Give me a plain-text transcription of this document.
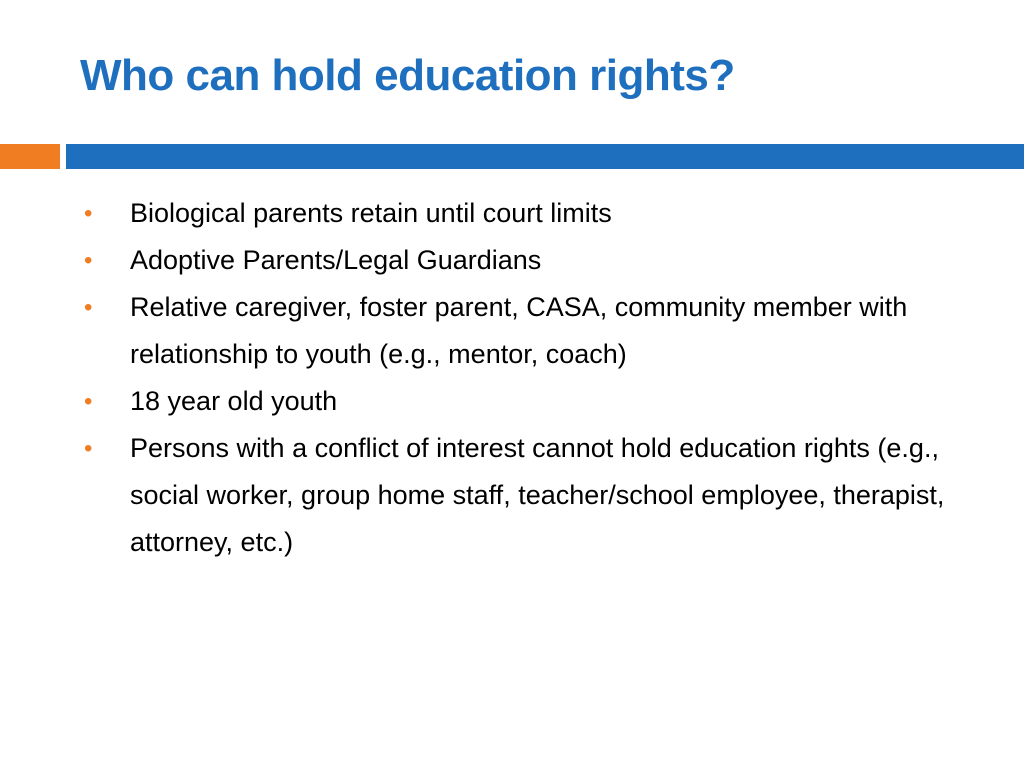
Who can hold education rights?
• Biological parents retain until court limits
• Adoptive Parents/Legal Guardians
• Relative caregiver, foster parent, CASA, community member with relationship to youth (e.g., mentor, coach)
• 18 year old youth
• Persons with a conflict of interest cannot hold education rights (e.g., social worker, group home staff, teacher/school employee, therapist, attorney, etc.)
